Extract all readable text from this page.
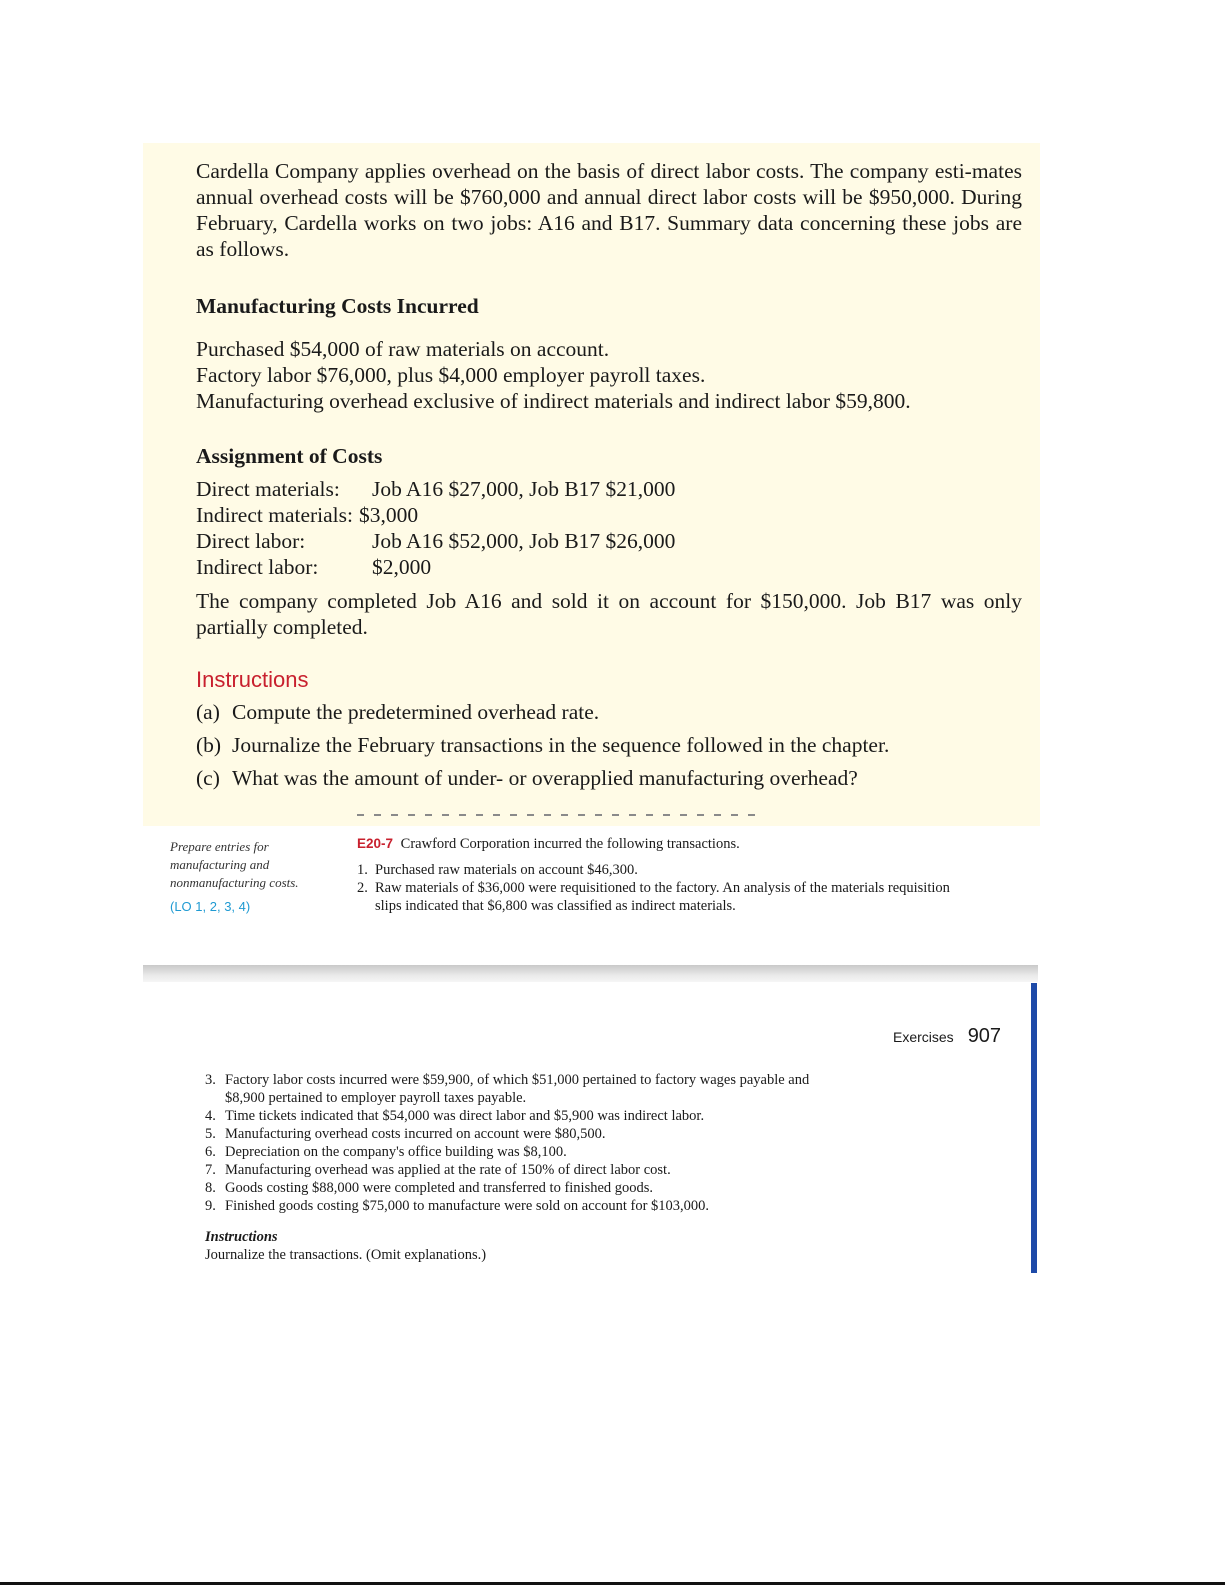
Cardella Company applies overhead on the basis of direct labor costs. The company esti-mates annual overhead costs will be $760,000 and annual direct labor costs will be $950,000. During February, Cardella works on two jobs: A16 and B17. Summary data concerning these jobs are as follows.

Manufacturing Costs Incurred

Purchased $54,000 of raw materials on account.

Factory labor $76,000, plus $4,000 employer payroll taxes.

Manufacturing overhead exclusive of indirect materials and indirect labor $59,800.

Assignment of Costs

Direct materials:	Job A16 $27,000, Job B17 $21,000
Indirect materials: $3,000
Direct labor:	Job A16 $52,000, Job B17 $26,000
Indirect labor:	$2,000

The company completed Job A16 and sold it on account for $150,000. Job B17 was only partially completed.

Instructions

(a) Compute the predetermined overhead rate.
(b) Journalize the February transactions in the sequence followed in the chapter.
(c) What was the amount of under- or overapplied manufacturing overhead?
Prepare entries for manufacturing and nonmanufacturing costs.
(LO 1, 2, 3, 4)

E20-7 Crawford Corporation incurred the following transactions.

1. Purchased raw materials on account $46,300.
2. Raw materials of $36,000 were requisitioned to the factory. An analysis of the materials requisition slips indicated that $6,800 was classified as indirect materials.
Exercises 907
3. Factory labor costs incurred were $59,900, of which $51,000 pertained to factory wages payable and $8,900 pertained to employer payroll taxes payable.
4. Time tickets indicated that $54,000 was direct labor and $5,900 was indirect labor.
5. Manufacturing overhead costs incurred on account were $80,500.
6. Depreciation on the company's office building was $8,100.
7. Manufacturing overhead was applied at the rate of 150% of direct labor cost.
8. Goods costing $88,000 were completed and transferred to finished goods.
9. Finished goods costing $75,000 to manufacture were sold on account for $103,000.
Instructions
Journalize the transactions. (Omit explanations.)
